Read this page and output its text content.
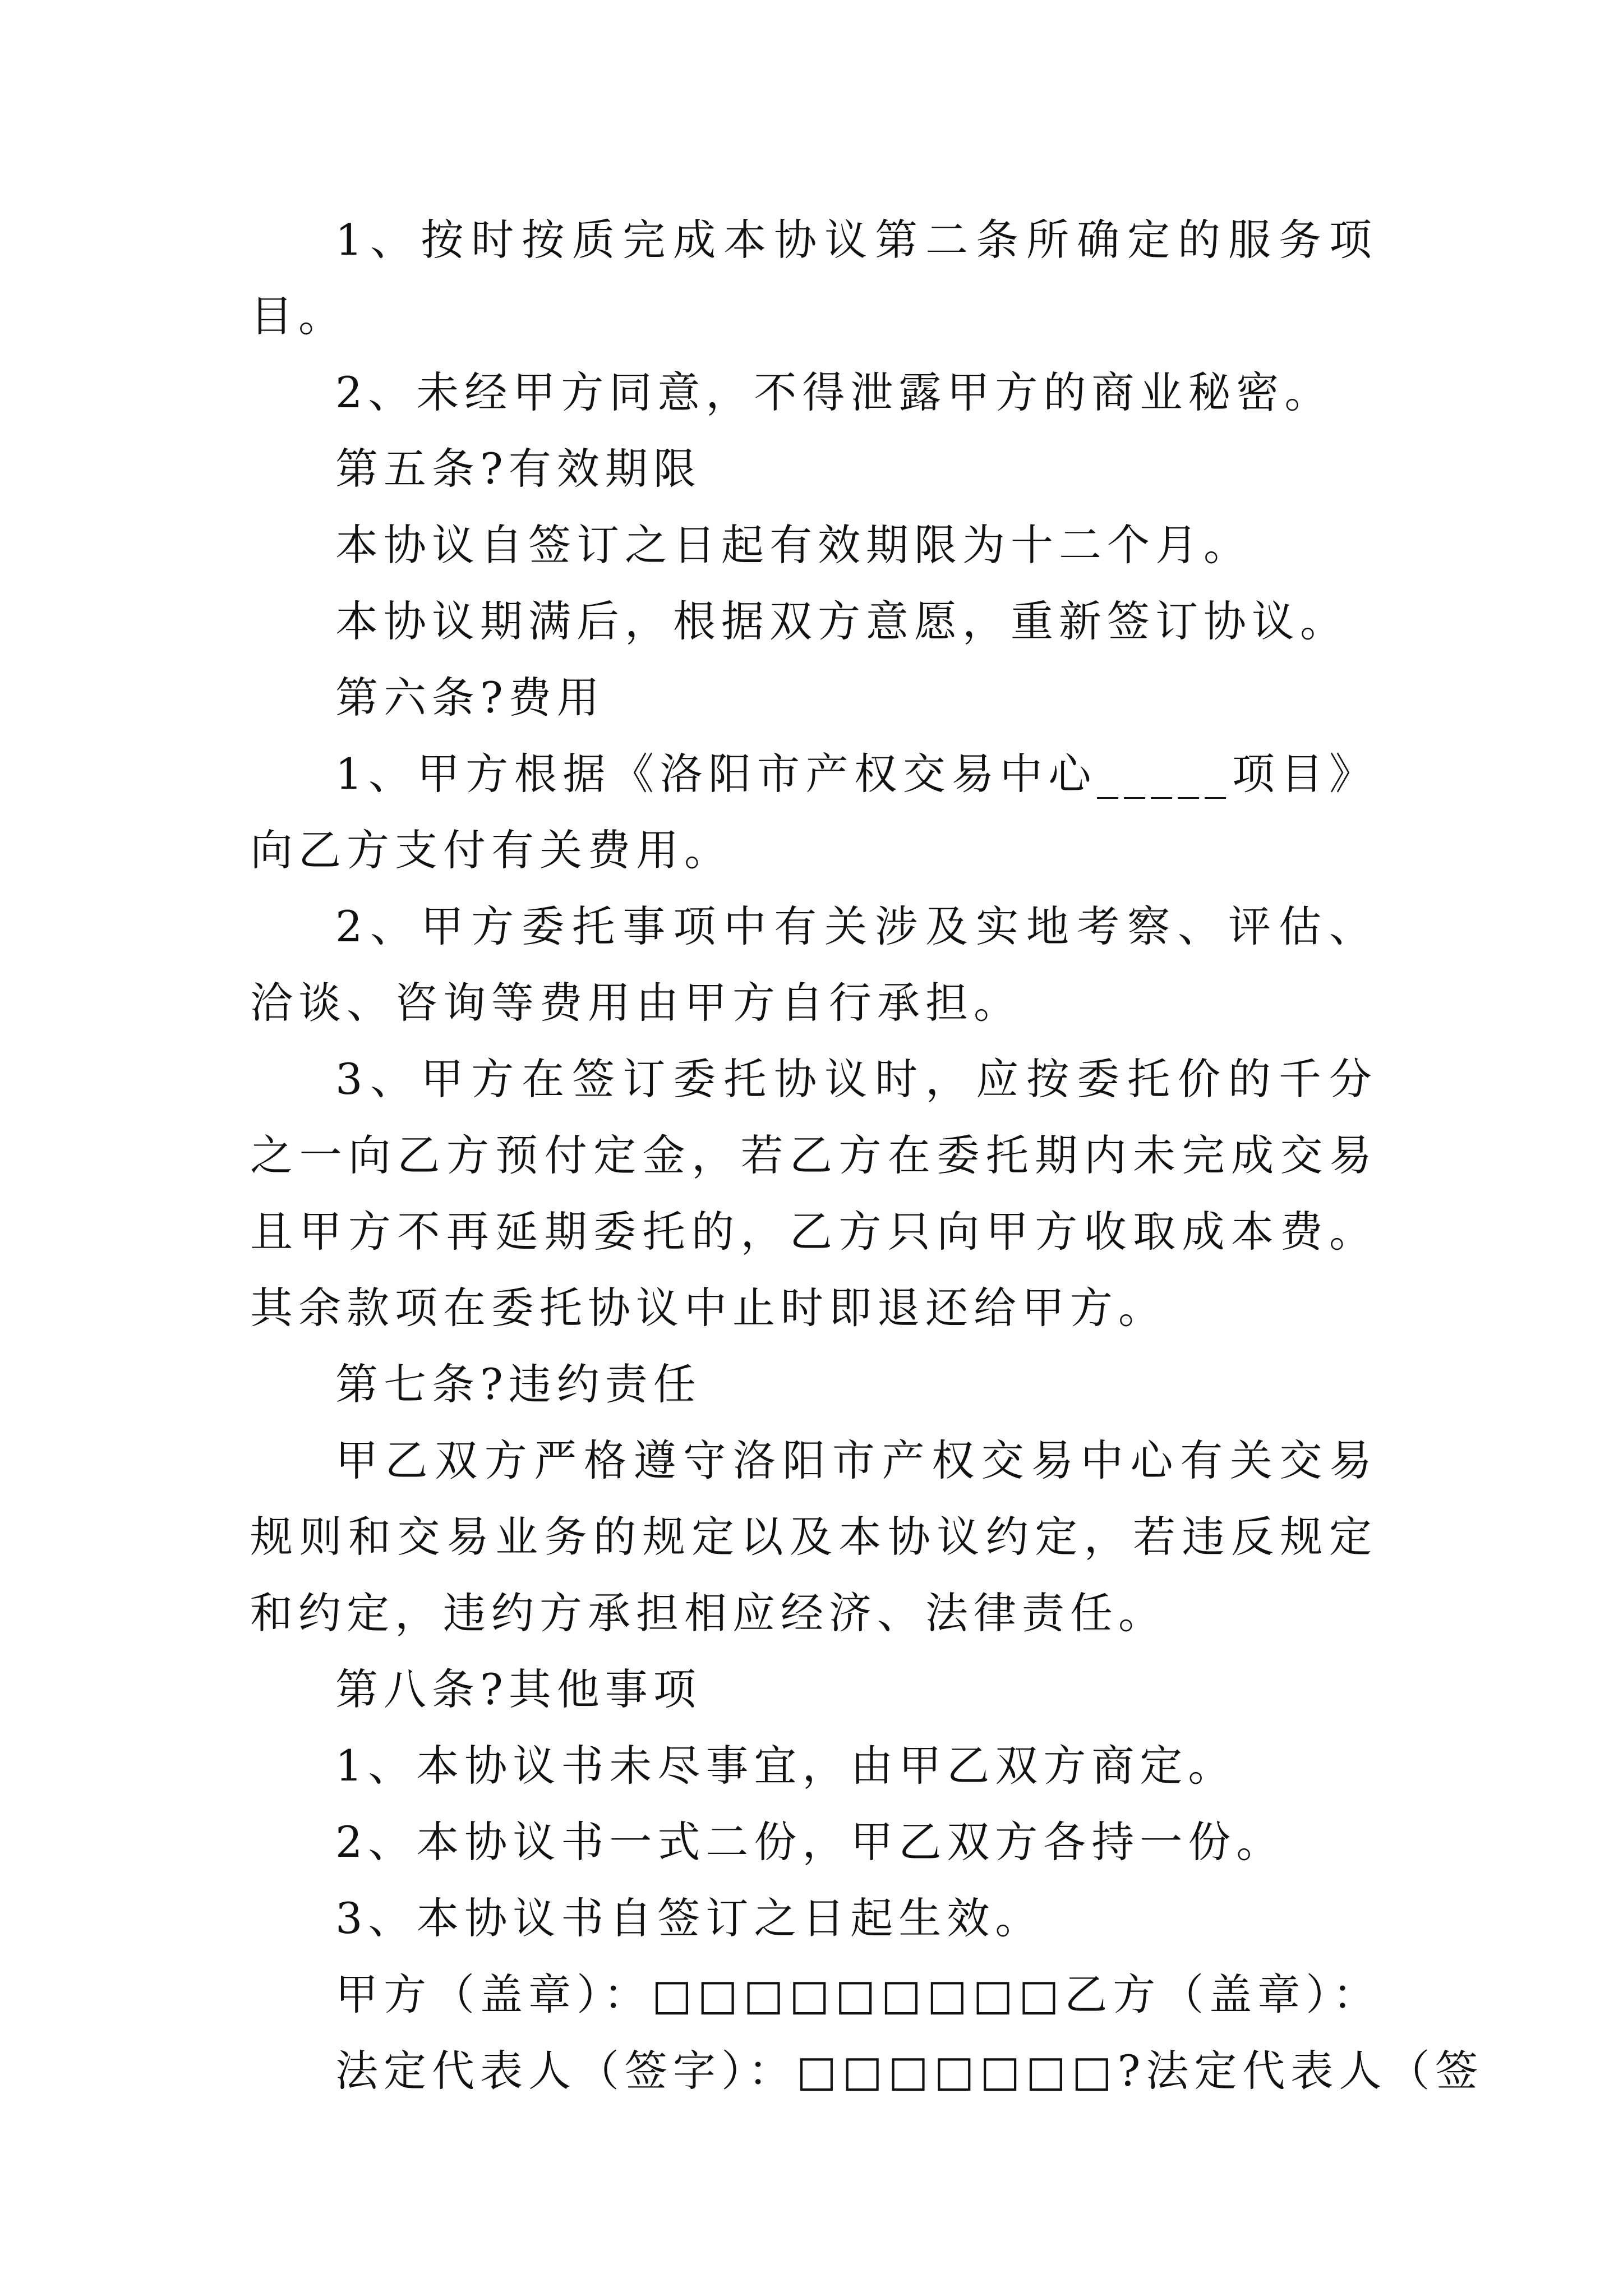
1、按时按质完成本协议第二条所确定的服务项目。

2、未经甲方同意，不得泄露甲方的商业秘密。

第五条?有效期限

本协议自签订之日起有效期限为十二个月。

本协议期满后，根据双方意愿，重新签订协议。

第六条?费用

1、甲方根据《洛阳市产权交易中心_____项目》向乙方支付有关费用。

2、甲方委托事项中有关涉及实地考察、评估、洽谈、咨询等费用由甲方自行承担。

3、甲方在签订委托协议时，应按委托价的千分之一向乙方预付定金，若乙方在委托期内未完成交易且甲方不再延期委托的，乙方只向甲方收取成本费。其余款项在委托协议中止时即退还给甲方。

第七条?违约责任

甲乙双方严格遵守洛阳市产权交易中心有关交易规则和交易业务的规定以及本协议约定，若违反规定和约定，违约方承担相应经济、法律责任。

第八条?其他事项

1、本协议书未尽事宜，由甲乙双方商定。

2、本协议书一式二份，甲乙双方各持一份。

3、本协议书自签订之日起生效。

甲方（盖章）：□□□□□□□□□乙方（盖章）：

法定代表人（签字）：□□□□□□□?法定代表人（签
